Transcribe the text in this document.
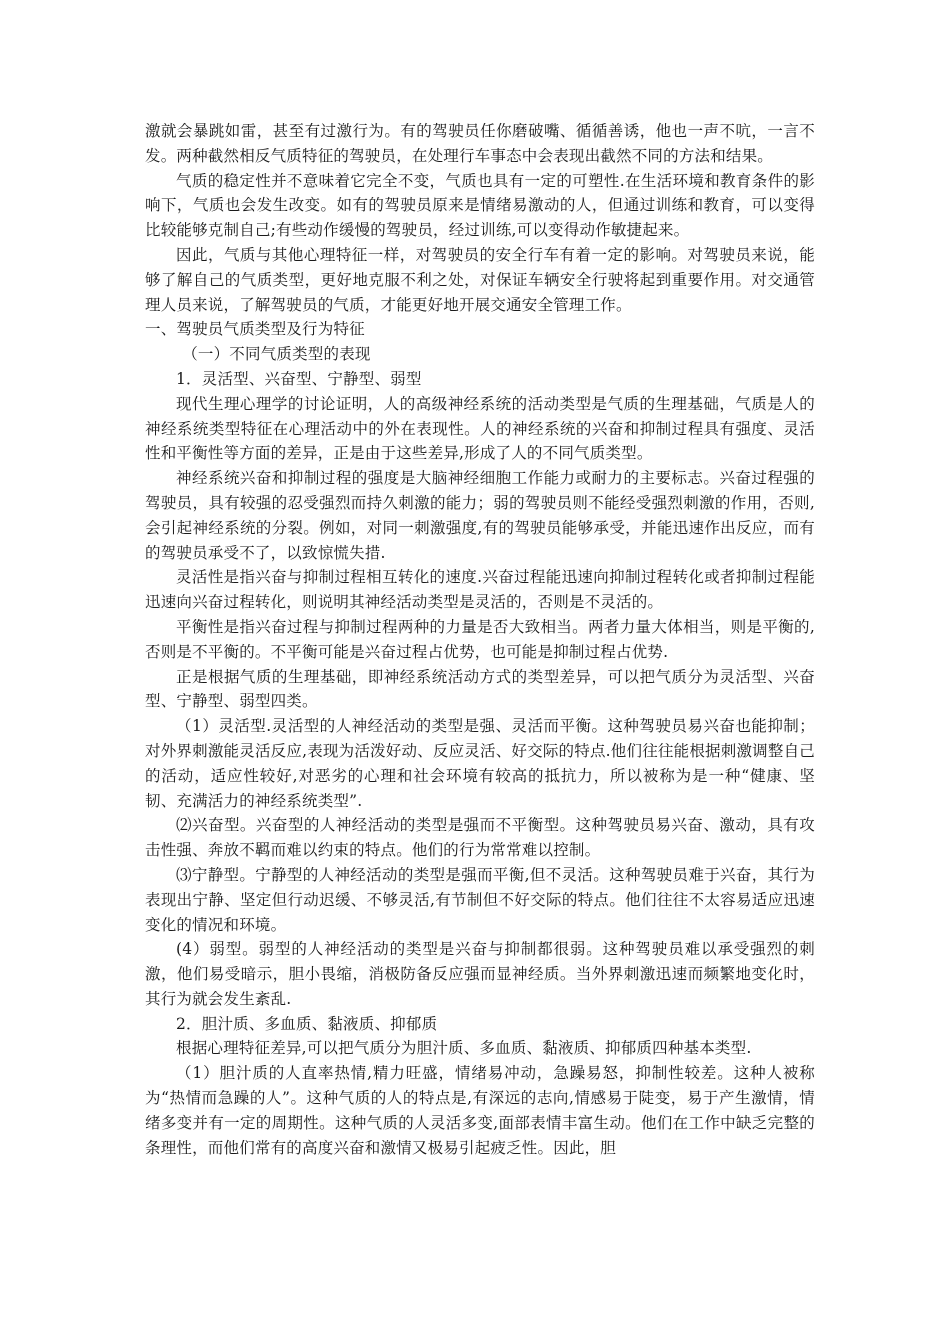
激就会暴跳如雷，甚至有过激行为。有的驾驶员任你磨破嘴、循循善诱，他也一声不吭，一言不发。两种截然相反气质特征的驾驶员，在处理行车事态中会表现出截然不同的方法和结果。

气质的稳定性并不意味着它完全不变，气质也具有一定的可塑性.在生活环境和教育条件的影响下，气质也会发生改变。如有的驾驶员原来是情绪易激动的人，但通过训练和教育，可以变得比较能够克制自己;有些动作缓慢的驾驶员，经过训练,可以变得动作敏捷起来。

因此，气质与其他心理特征一样，对驾驶员的安全行车有着一定的影响。对驾驶员来说，能够了解自己的气质类型，更好地克服不利之处，对保证车辆安全行驶将起到重要作用。对交通管理人员来说，了解驾驶员的气质，才能更好地开展交通安全管理工作。

一、驾驶员气质类型及行为特征

（一）不同气质类型的表现

1．灵活型、兴奋型、宁静型、弱型

现代生理心理学的讨论证明，人的高级神经系统的活动类型是气质的生理基础，气质是人的神经系统类型特征在心理活动中的外在表现性。人的神经系统的兴奋和抑制过程具有强度、灵活性和平衡性等方面的差异，正是由于这些差异,形成了人的不同气质类型。

神经系统兴奋和抑制过程的强度是大脑神经细胞工作能力或耐力的主要标志。兴奋过程强的驾驶员，具有较强的忍受强烈而持久刺激的能力；弱的驾驶员则不能经受强烈刺激的作用，否则,会引起神经系统的分裂。例如，对同一刺激强度,有的驾驶员能够承受，并能迅速作出反应，而有的驾驶员承受不了，以致惊慌失措.

灵活性是指兴奋与抑制过程相互转化的速度.兴奋过程能迅速向抑制过程转化或者抑制过程能迅速向兴奋过程转化，则说明其神经活动类型是灵活的，否则是不灵活的。

平衡性是指兴奋过程与抑制过程两种的力量是否大致相当。两者力量大体相当，则是平衡的,否则是不平衡的。不平衡可能是兴奋过程占优势，也可能是抑制过程占优势.

正是根据气质的生理基础，即神经系统活动方式的类型差异，可以把气质分为灵活型、兴奋型、宁静型、弱型四类。

（1）灵活型.灵活型的人神经活动的类型是强、灵活而平衡。这种驾驶员易兴奋也能抑制；对外界刺激能灵活反应,表现为活泼好动、反应灵活、好交际的特点.他们往往能根据刺激调整自己的活动，适应性较好,对恶劣的心理和社会环境有较高的抵抗力，所以被称为是一种“健康、坚韧、充满活力的神经系统类型”.

⑵兴奋型。兴奋型的人神经活动的类型是强而不平衡型。这种驾驶员易兴奋、激动，具有攻击性强、奔放不羁而难以约束的特点。他们的行为常常难以控制。

⑶宁静型。宁静型的人神经活动的类型是强而平衡,但不灵活。这种驾驶员难于兴奋，其行为表现出宁静、坚定但行动迟缓、不够灵活,有节制但不好交际的特点。他们往往不太容易适应迅速变化的情况和环境。

(4）弱型。弱型的人神经活动的类型是兴奋与抑制都很弱。这种驾驶员难以承受强烈的刺激，他们易受暗示，胆小畏缩，消极防备反应强而显神经质。当外界刺激迅速而频繁地变化时，其行为就会发生紊乱.

2．胆汁质、多血质、黏液质、抑郁质

根据心理特征差异,可以把气质分为胆汁质、多血质、黏液质、抑郁质四种基本类型.

（1）胆汁质的人直率热情,精力旺盛，情绪易冲动，急躁易怒，抑制性较差。这种人被称为“热情而急躁的人”。这种气质的人的特点是,有深远的志向,情感易于陡变，易于产生激情，情绪多变并有一定的周期性。这种气质的人灵活多变,面部表情丰富生动。他们在工作中缺乏完整的条理性，而他们常有的高度兴奋和激情又极易引起疲乏性。因此，胆
